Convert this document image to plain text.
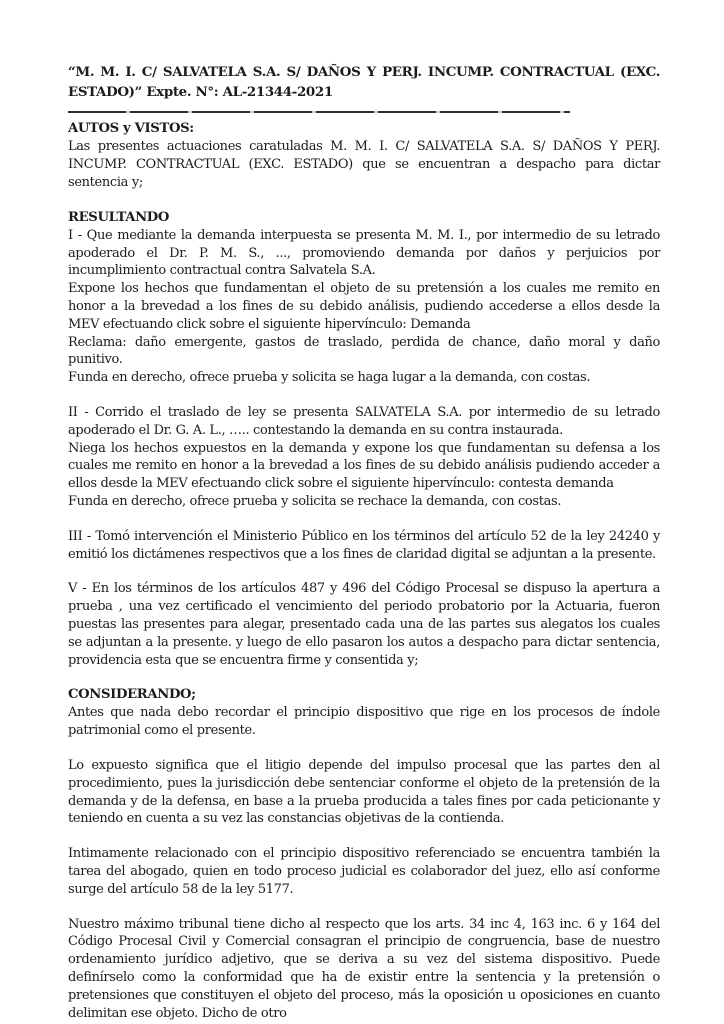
“M. M. I. C/ SALVATELA S.A. S/ DAÑOS Y PERJ. INCUMP. CONTRACTUAL (EXC. ESTADO)” Expte. N°: AL-21344-2021

AUTOS y VISTOS:

Las presentes actuaciones caratuladas M. M. I. C/ SALVATELA S.A. S/ DAÑOS Y PERJ. INCUMP. CONTRACTUAL (EXC. ESTADO) que se encuentran a despacho para dictar sentencia y;

RESULTANDO

I - Que mediante la demanda interpuesta se presenta M. M. I., por intermedio de su letrado apoderado el Dr. P. M. S., ..., promoviendo demanda por daños y perjuicios por incumplimiento contractual contra Salvatela S.A.

Expone los hechos que fundamentan el objeto de su pretensión a los cuales me remito en honor a la brevedad a los fines de su debido análisis, pudiendo accederse a ellos desde la MEV efectuando click sobre el siguiente hipervínculo: Demanda

Reclama: daño emergente, gastos de traslado, perdida de chance, daño moral y daño punitivo.

Funda en derecho, ofrece prueba y solicita se haga lugar a la demanda, con costas.

II - Corrido el traslado de ley se presenta SALVATELA S.A. por intermedio de su letrado apoderado el Dr. G. A. L., ….. contestando la demanda en su contra instaurada.

Niega los hechos expuestos en la demanda y expone los que fundamentan su defensa a los cuales me remito en honor a la brevedad a los fines de su debido análisis pudiendo acceder a ellos desde la MEV efectuando click sobre el siguiente hipervínculo: contesta demanda

Funda en derecho, ofrece prueba y solicita se rechace la demanda, con costas.

III - Tomó intervención el Ministerio Público en los términos del artículo 52 de la ley 24240 y emitió los dictámenes respectivos que a los fines de claridad digital se adjuntan a la presente.

V - En los términos de los artículos 487 y 496 del Código Procesal se dispuso la apertura a prueba , una vez certificado el vencimiento del periodo probatorio por la Actuaria, fueron puestas las presentes para alegar, presentado cada una de las partes sus alegatos los cuales se adjuntan a la presente. y luego de ello pasaron los autos a despacho para dictar sentencia, providencia esta que se encuentra firme y consentida y;

CONSIDERANDO;

Antes que nada debo recordar el principio dispositivo que rige en los procesos de índole patrimonial como el presente.

Lo expuesto significa que el litigio depende del impulso procesal que las partes den al procedimiento, pues la jurisdicción debe sentenciar conforme el objeto de la pretensión de la demanda y de la defensa, en base a la prueba producida a tales fines por cada peticionante y teniendo en cuenta a su vez las constancias objetivas de la contienda.

Intimamente relacionado con el principio dispositivo referenciado se encuentra también la tarea del abogado, quien en todo proceso judicial es colaborador del juez, ello así conforme surge del artículo 58 de la ley 5177.

Nuestro máximo tribunal tiene dicho al respecto que los arts. 34 inc 4, 163 inc. 6 y 164 del Código Procesal Civil y Comercial consagran el principio de congruencia, base de nuestro ordenamiento jurídico adjetivo, que se deriva a su vez del sistema dispositivo. Puede definírselo como la conformidad que ha de existir entre la sentencia y la pretensión o pretensiones que constituyen el objeto del proceso, más la oposición u oposiciones en cuanto delimitan ese objeto. Dicho de otro
